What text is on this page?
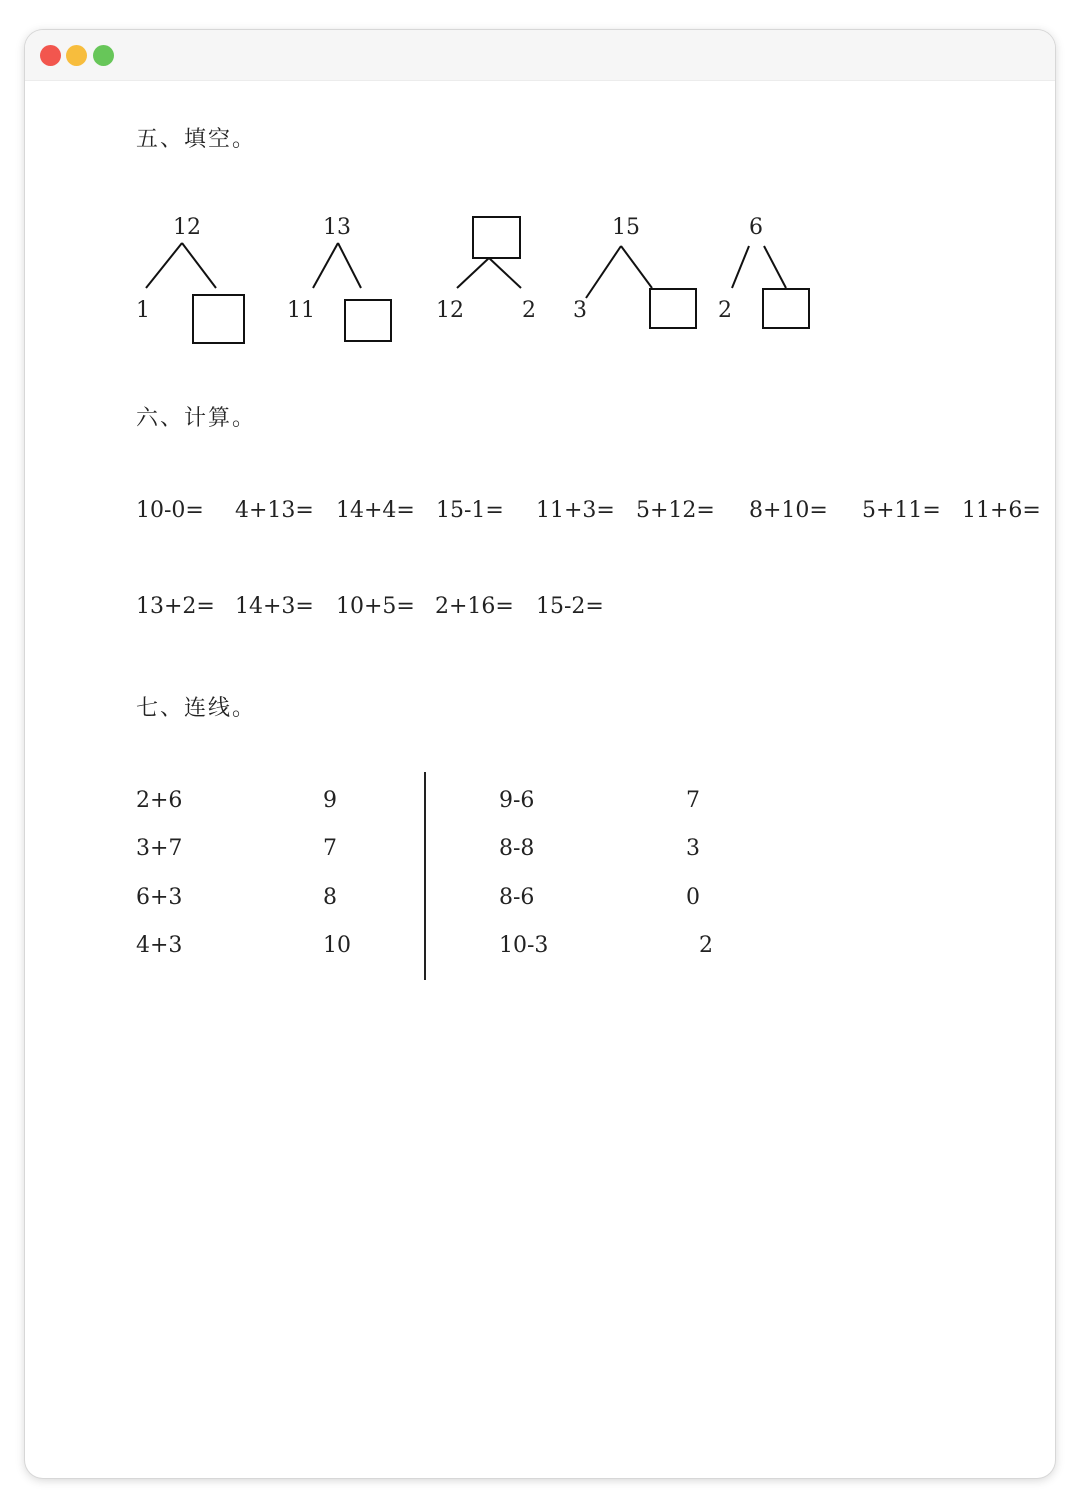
五、填空。
12
1
13
11	12	2
15
3
6
2
六、计算。
10-0= 4+13= 14+4= 15-1= 11+3= 5+12= 8+10= 5+11= 11+6=
13+2= 14+3= 10+5= 2+16= 15-2=
七、连线。
2+6
3+7
6+3
4+3
9
7
8
10
9-6
8-8
8-6
10-3
7
3
0
2
